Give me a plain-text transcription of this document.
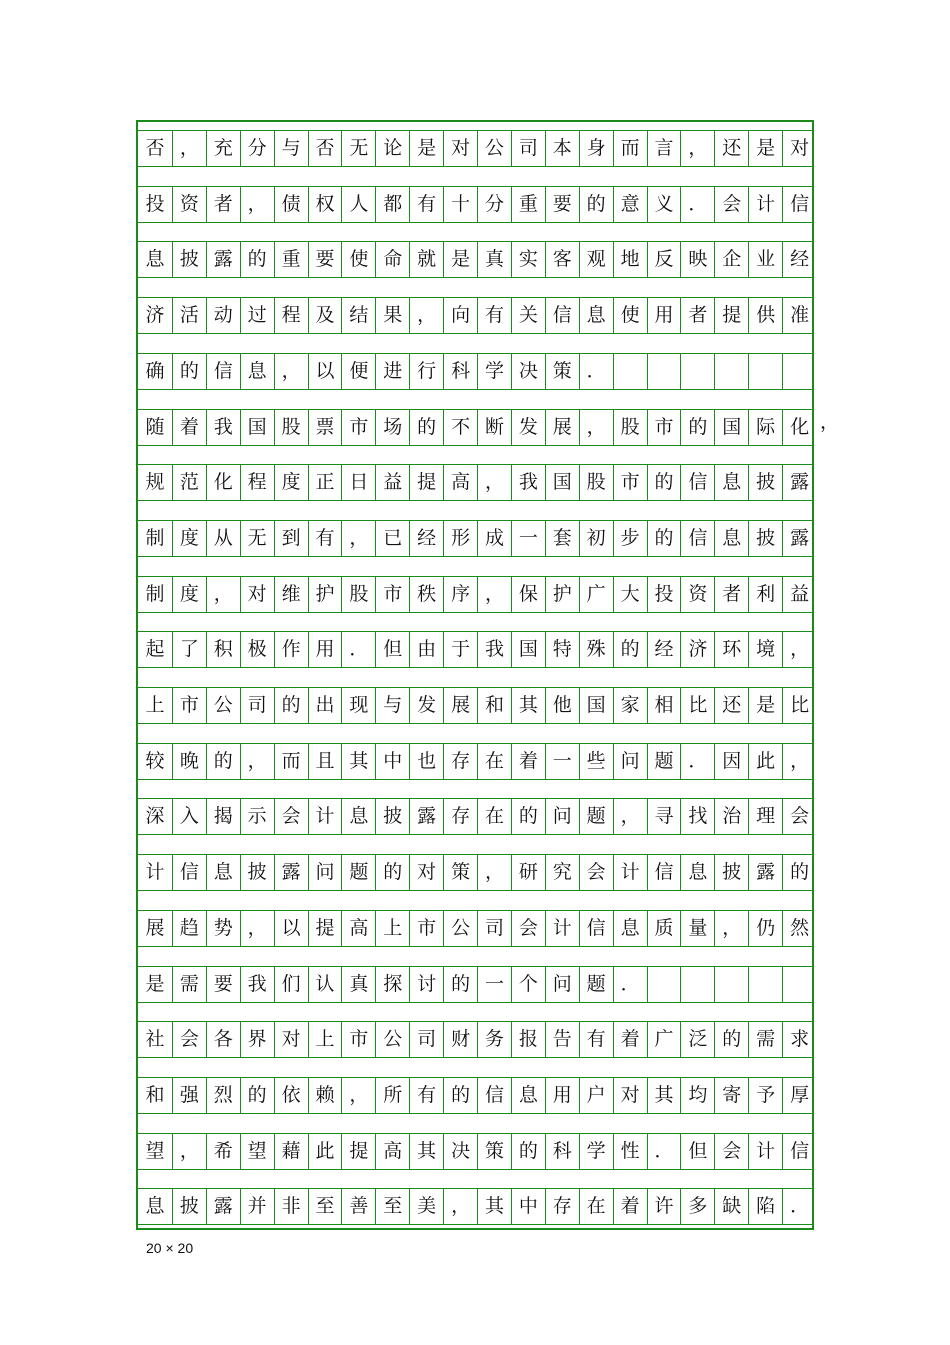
否 ， 充 分 与 否 无 论 是 对 公 司 本 身 而 言 ， 还 是 对
投 资 者 ， 债 权 人 都 有 十 分 重 要 的 意 义 ． 会 计 信
息 披 露 的 重 要 使 命 就 是 真 实 客 观 地 反 映 企 业 经
济 活 动 过 程 及 结 果 ， 向 有 关 信 息 使 用 者 提 供 准
确 的 信 息 ， 以 便 进 行 科 学 决 策 ．
随 着 我 国 股 票 市 场 的 不 断 发 展 ， 股 市 的 国 际 化
规 范 化 程 度 正 日 益 提 高 ， 我 国 股 市 的 信 息 披 露
制 度 从 无 到 有 ， 已 经 形 成 一 套 初 步 的 信 息 披 露
制 度 ， 对 维 护 股 市 秩 序 ， 保 护 广 大 投 资 者 利 益
起 了 积 极 作 用 ． 但 由 于 我 国 特 殊 的 经 济 环 境 ，
上 市 公 司 的 出 现 与 发 展 和 其 他 国 家 相 比 还 是 比
较 晚 的 ， 而 且 其 中 也 存 在 着 一 些 问 题 ． 因 此 ，
深 入 揭 示 会 计 息 披 露 存 在 的 问 题 ， 寻 找 治 理 会
计 信 息 披 露 问 题 的 对 策 ， 研 究 会 计 信 息 披 露 的
展 趋 势 ， 以 提 高 上 市 公 司 会 计 信 息 质 量 ， 仍 然
是 需 要 我 们 认 真 探 讨 的 一 个 问 题 ．
社 会 各 界 对 上 市 公 司 财 务 报 告 有 着 广 泛 的 需 求
和 强 烈 的 依 赖 ， 所 有 的 信 息 用 户 对 其 均 寄 予 厚
望 ， 希 望 藉 此 提 高 其 决 策 的 科 学 性 ． 但 会 计 信
息 披 露 并 非 至 善 至 美 ， 其 中 存 在 着 许 多 缺 陷 ．
20 × 20
，
